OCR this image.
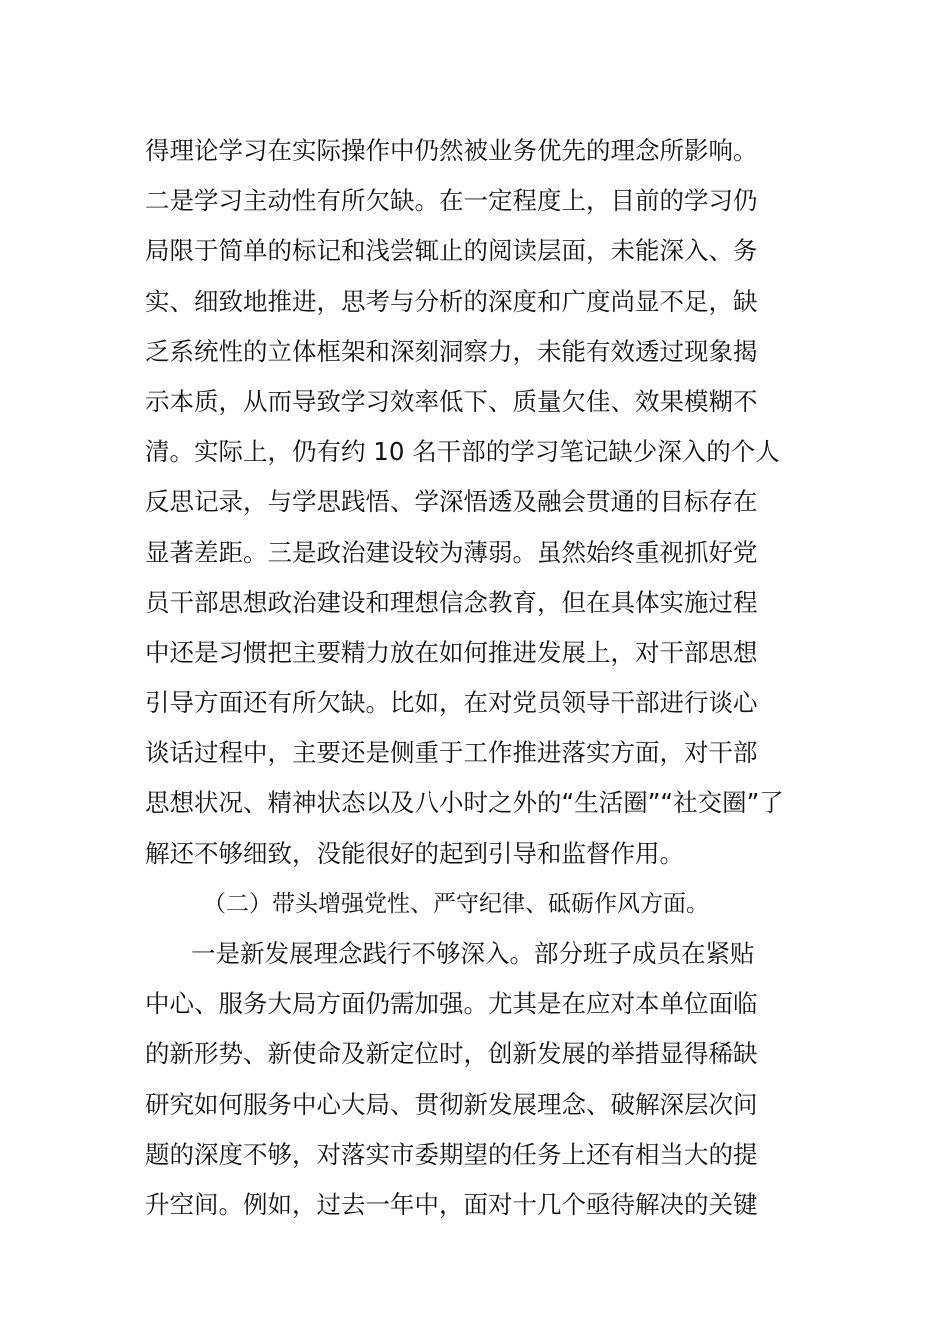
得理论学习在实际操作中仍然被业务优先的理念所影响。
二是学习主动性有所欠缺。在一定程度上，目前的学习仍
局限于简单的标记和浅尝辄止的阅读层面，未能深入、务
实、细致地推进，思考与分析的深度和广度尚显不足，缺
乏系统性的立体框架和深刻洞察力，未能有效透过现象揭
示本质，从而导致学习效率低下、质量欠佳、效果模糊不
清。实际上，仍有约 10 名干部的学习笔记缺少深入的个人
反思记录，与学思践悟、学深悟透及融会贯通的目标存在
显著差距。三是政治建设较为薄弱。虽然始终重视抓好党
员干部思想政治建设和理想信念教育，但在具体实施过程
中还是习惯把主要精力放在如何推进发展上，对干部思想
引导方面还有所欠缺。比如，在对党员领导干部进行谈心
谈话过程中，主要还是侧重于工作推进落实方面，对干部
思想状况、精神状态以及八小时之外的“生活圈”“社交圈”了
解还不够细致，没能很好的起到引导和监督作用。
（二）带头增强党性、严守纪律、砥砺作风方面。
一是新发展理念践行不够深入。部分班子成员在紧贴
中心、服务大局方面仍需加强。尤其是在应对本单位面临
的新形势、新使命及新定位时，创新发展的举措显得稀缺
研究如何服务中心大局、贯彻新发展理念、破解深层次问
题的深度不够，对落实市委期望的任务上还有相当大的提
升空间。例如，过去一年中，面对十几个亟待解决的关键
